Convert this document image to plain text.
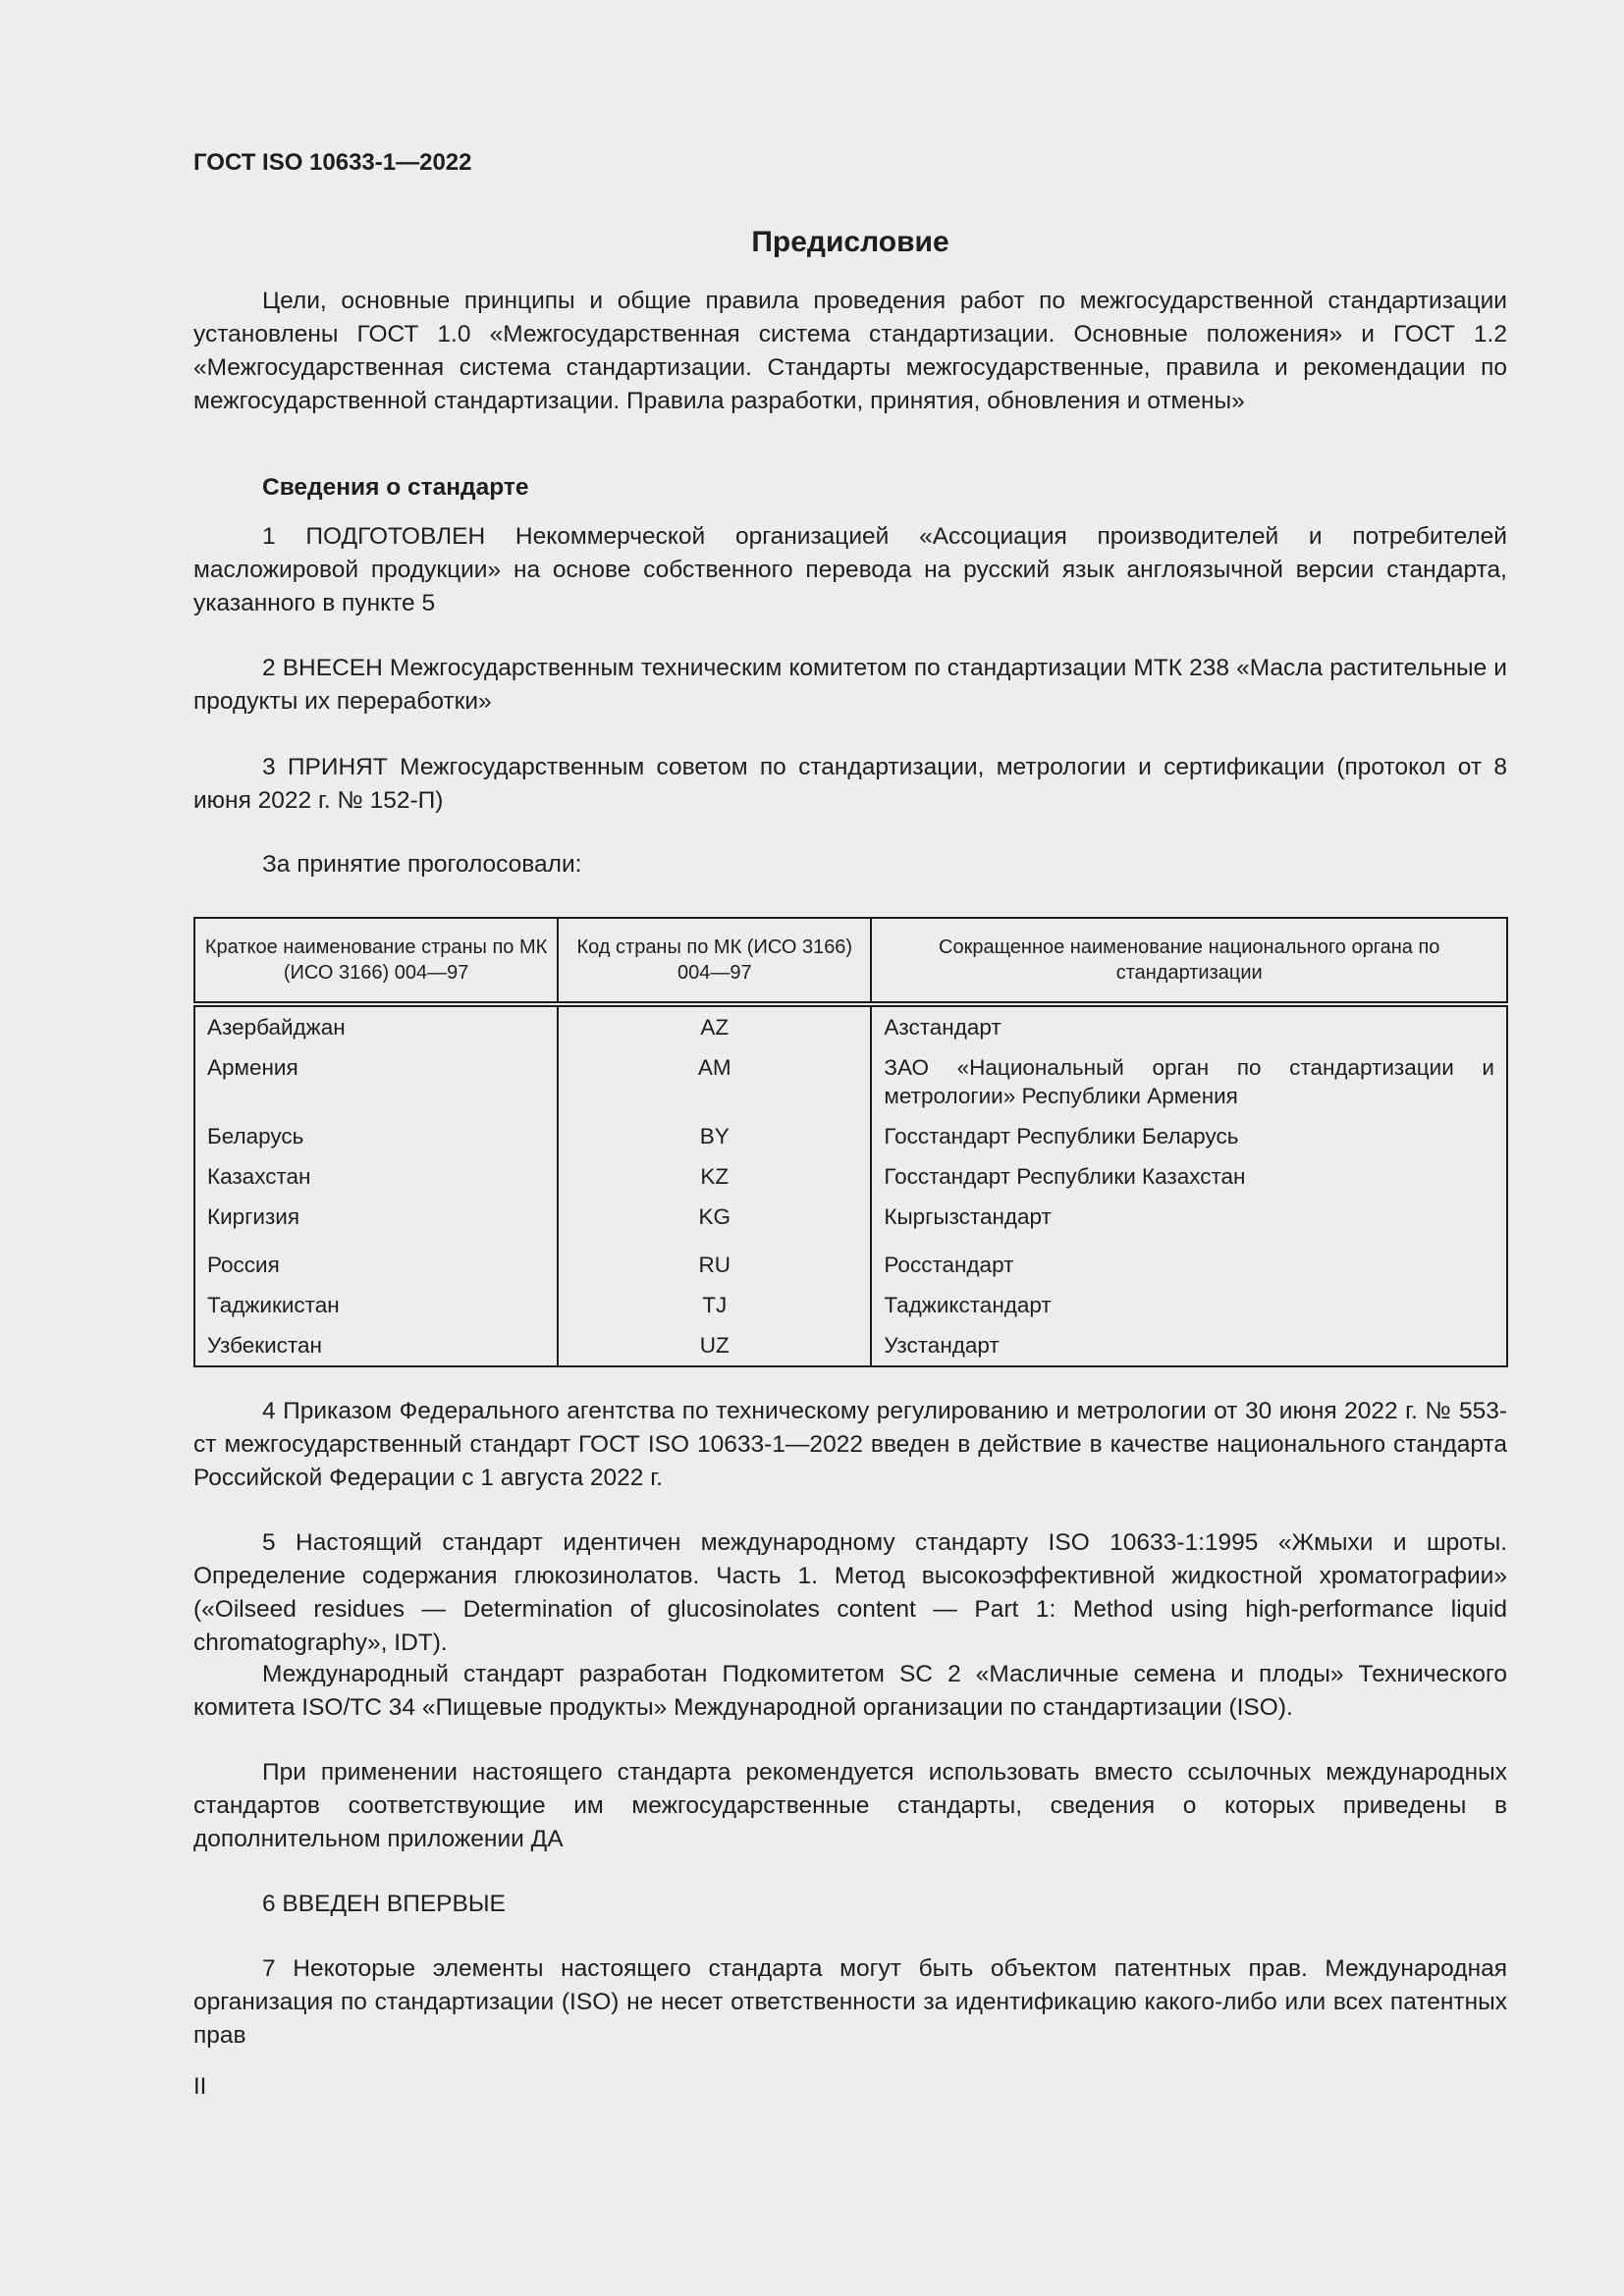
ГОСТ ISO 10633-1—2022
Предисловие
Цели, основные принципы и общие правила проведения работ по межгосударственной стандартизации установлены ГОСТ 1.0 «Межгосударственная система стандартизации. Основные положения» и ГОСТ 1.2 «Межгосударственная система стандартизации. Стандарты межгосударственные, правила и рекомендации по межгосударственной стандартизации. Правила разработки, принятия, обновления и отмены»
Сведения о стандарте
1 ПОДГОТОВЛЕН Некоммерческой организацией «Ассоциация производителей и потребителей масложировой продукции» на основе собственного перевода на русский язык англоязычной версии стандарта, указанного в пункте 5
2 ВНЕСЕН Межгосударственным техническим комитетом по стандартизации МТК 238 «Масла растительные и продукты их переработки»
3 ПРИНЯТ Межгосударственным советом по стандартизации, метрологии и сертификации (протокол от 8 июня 2022 г. № 152-П)
За принятие проголосовали:
Краткое наименование страны по МК (ИСО 3166) 004—97	Код страны по МК (ИСО 3166) 004—97	Сокращенное наименование национального органа по стандартизации
Азербайджан	AZ	Азстандарт
Армения	AM	ЗАО «Национальный орган по стандартизации и метрологии» Республики Армения
Беларусь	BY	Госстандарт Республики Беларусь
Казахстан	KZ	Госстандарт Республики Казахстан
Киргизия	KG	Кыргызстандарт
Россия	RU	Росстандарт
Таджикистан	TJ	Таджикстандарт
Узбекистан	UZ	Узстандарт
4 Приказом Федерального агентства по техническому регулированию и метрологии от 30 июня 2022 г. № 553-ст межгосударственный стандарт ГОСТ ISO 10633-1—2022 введен в действие в качестве национального стандарта Российской Федерации с 1 августа 2022 г.
5 Настоящий стандарт идентичен международному стандарту ISO 10633-1:1995 «Жмыхи и шроты. Определение содержания глюкозинолатов. Часть 1. Метод высокоэффективной жидкостной хроматографии» («Oilseed residues — Determination of glucosinolates content — Part 1: Method using high-performance liquid chromatography», IDT).
Международный стандарт разработан Подкомитетом SC 2 «Масличные семена и плоды» Технического комитета ISO/TC 34 «Пищевые продукты» Международной организации по стандартизации (ISO).
При применении настоящего стандарта рекомендуется использовать вместо ссылочных международных стандартов соответствующие им межгосударственные стандарты, сведения о которых приведены в дополнительном приложении ДА
6 ВВЕДЕН ВПЕРВЫЕ
7 Некоторые элементы настоящего стандарта могут быть объектом патентных прав. Международная организация по стандартизации (ISO) не несет ответственности за идентификацию какого-либо или всех патентных прав
II
